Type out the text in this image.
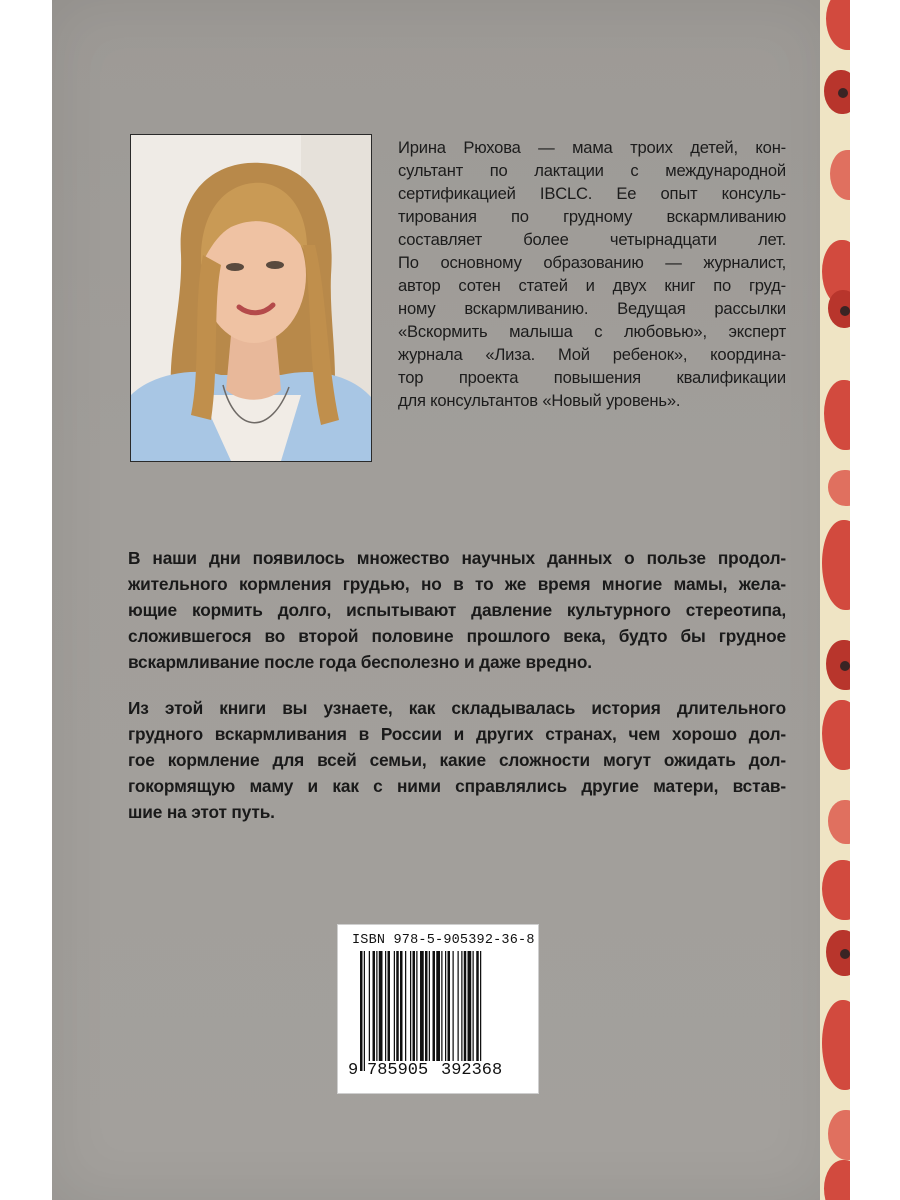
Ирина Рюхова — мама троих детей, кон-
сультант по лактации с международной
сертификацией IBCLC. Ее опыт консуль-
тирования по грудному вскармливанию
составляет более четырнадцати лет.
По основному образованию — журналист,
автор сотен статей и двух книг по груд-
ному вскармливанию. Ведущая рассылки
«Вскормить малыша с любовью», эксперт
журнала «Лиза. Мой ребенок», координа-
тор проекта повышения квалификации
для консультантов «Новый уровень».
В наши дни появилось множество научных данных о пользе продол-
жительного кормления грудью, но в то же время многие мамы, жела-
ющие кормить долго, испытывают давление культурного стереотипа,
сложившегося во второй половине прошлого века, будто бы грудное
вскармливание после года бесполезно и даже вредно.
Из этой книги вы узнаете, как складывалась история длительного
грудного вскармливания в России и других странах, чем хорошо дол-
гое кормление для всей семьи, какие сложности могут ожидать дол-
гокормящую маму и как с ними справлялись другие матери, встав-
шие на этот путь.
ISBN 978-5-905392-36-8
9 785905 392368
